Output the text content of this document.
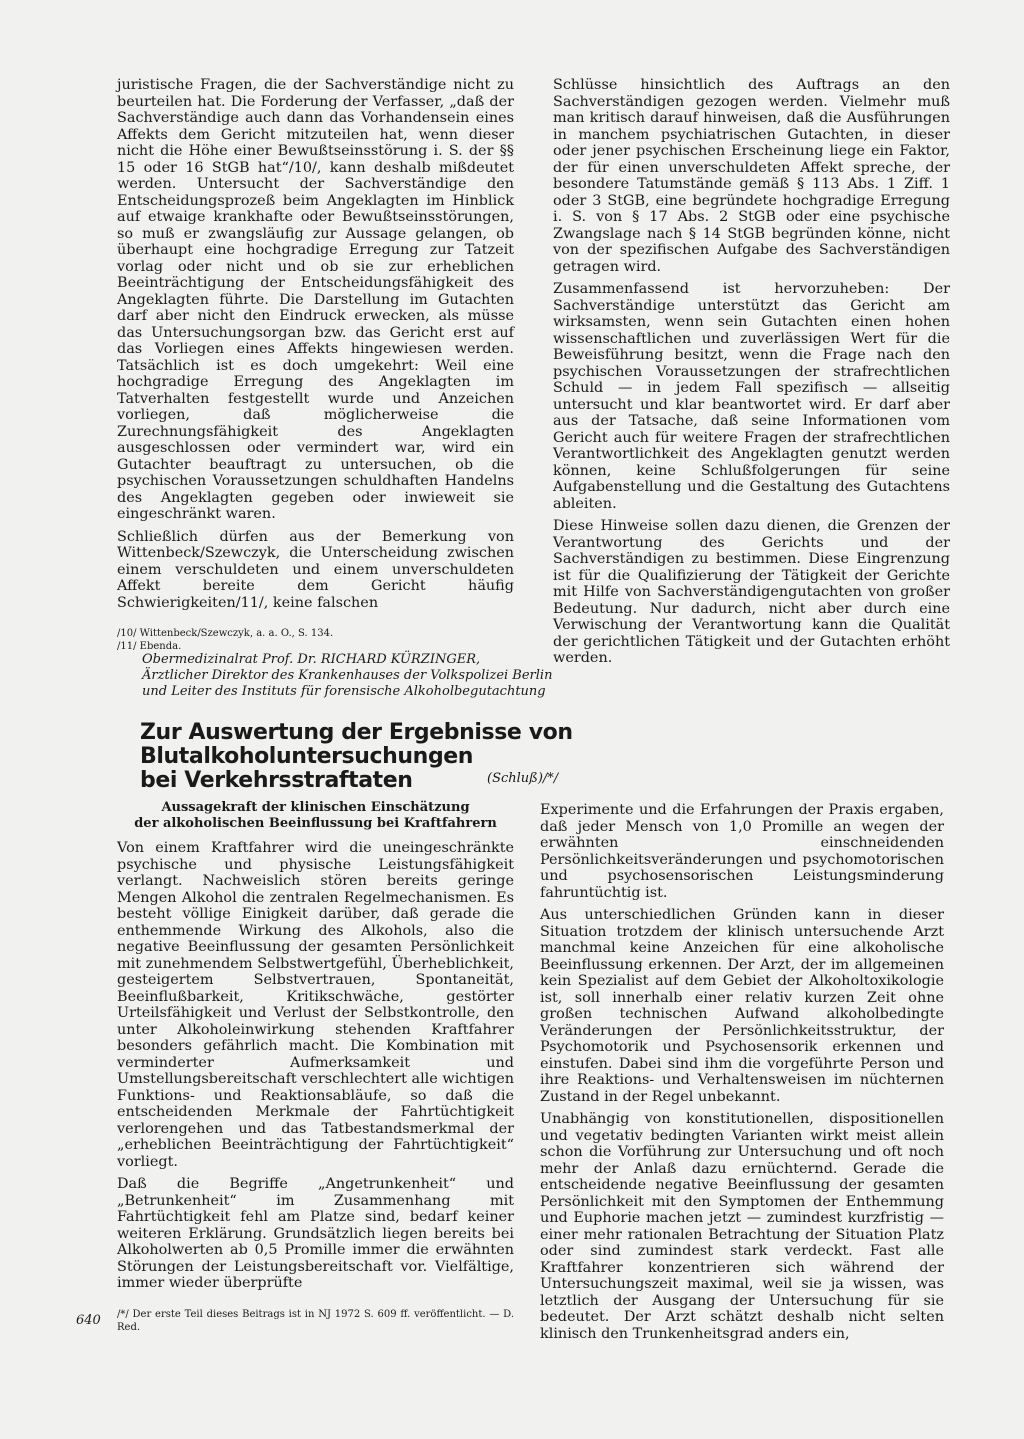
juristische Fragen, die der Sachverständige nicht zu beurteilen hat. Die Forderung der Verfasser, „daß der Sachverständige auch dann das Vorhandensein eines Affekts dem Gericht mitzuteilen hat, wenn dieser nicht die Höhe einer Bewußtseinsstörung i. S. der §§ 15 oder 16 StGB hat“/10/, kann deshalb mißdeutet werden. Untersucht der Sachverständige den Entscheidungsprozeß beim Angeklagten im Hinblick auf etwaige krankhafte oder Bewußtseinsstörungen, so muß er zwangsläufig zur Aussage gelangen, ob überhaupt eine hochgradige Erregung zur Tatzeit vorlag oder nicht und ob sie zur erheblichen Beeinträchtigung der Entscheidungsfähigkeit des Angeklagten führte. Die Darstellung im Gutachten darf aber nicht den Eindruck erwecken, als müsse das Untersuchungsorgan bzw. das Gericht erst auf das Vorliegen eines Affekts hingewiesen werden. Tatsächlich ist es doch umgekehrt: Weil eine hochgradige Erregung des Angeklagten im Tatverhalten festgestellt wurde und Anzeichen vorliegen, daß möglicherweise die Zurechnungsfähigkeit des Angeklagten ausgeschlossen oder vermindert war, wird ein Gutachter beauftragt zu untersuchen, ob die psychischen Voraussetzungen schuldhaften Handelns des Angeklagten gegeben oder inwieweit sie eingeschränkt waren.

Schließlich dürfen aus der Bemerkung von Wittenbeck/Szewczyk, die Unterscheidung zwischen einem verschuldeten und einem unverschuldeten Affekt bereite dem Gericht häufig Schwierigkeiten/11/, keine falschen

/10/ Wittenbeck/Szewczyk, a. a. O., S. 134.
/11/ Ebenda.

Schlüsse hinsichtlich des Auftrags an den Sachverständigen gezogen werden. Vielmehr muß man kritisch darauf hinweisen, daß die Ausführungen in manchem psychiatrischen Gutachten, in dieser oder jener psychischen Erscheinung liege ein Faktor, der für einen unverschuldeten Affekt spreche, der besondere Tatumstände gemäß § 113 Abs. 1 Ziff. 1 oder 3 StGB, eine begründete hochgradige Erregung i. S. von § 17 Abs. 2 StGB oder eine psychische Zwangslage nach § 14 StGB begründen könne, nicht von der spezifischen Aufgabe des Sachverständigen getragen wird.

Zusammenfassend ist hervorzuheben: Der Sachverständige unterstützt das Gericht am wirksamsten, wenn sein Gutachten einen hohen wissenschaftlichen und zuverlässigen Wert für die Beweisführung besitzt, wenn die Frage nach den psychischen Voraussetzungen der strafrechtlichen Schuld — in jedem Fall spezifisch — allseitig untersucht und klar beantwortet wird. Er darf aber aus der Tatsache, daß seine Informationen vom Gericht auch für weitere Fragen der strafrechtlichen Verantwortlichkeit des Angeklagten genutzt werden können, keine Schlußfolgerungen für seine Aufgabenstellung und die Gestaltung des Gutachtens ableiten.

Diese Hinweise sollen dazu dienen, die Grenzen der Verantwortung des Gerichts und der Sachverständigen zu bestimmen. Diese Eingrenzung ist für die Qualifizierung der Tätigkeit der Gerichte mit Hilfe von Sachverständigengutachten von großer Bedeutung. Nur dadurch, nicht aber durch eine Verwischung der Verantwortung kann die Qualität der gerichtlichen Tätigkeit und der Gutachten erhöht werden.

Obermedizinalrat Prof. Dr. RICHARD KÜRZINGER,
Ärztlicher Direktor des Krankenhauses der Volkspolizei Berlin
und Leiter des Instituts für forensische Alkoholbegutachtung
Zur Auswertung der Ergebnisse von Blutalkoholuntersuchungen
bei Verkehrsstraftaten	(Schluß)/*/
Aussagekraft der klinischen Einschätzung
der alkoholischen Beeinflussung bei Kraftfahrern

Von einem Kraftfahrer wird die uneingeschränkte psychische und physische Leistungsfähigkeit verlangt. Nachweislich stören bereits geringe Mengen Alkohol die zentralen Regelmechanismen. Es besteht völlige Einigkeit darüber, daß gerade die enthemmende Wirkung des Alkohols, also die negative Beeinflussung der gesamten Persönlichkeit mit zunehmendem Selbstwertgefühl, Überheblichkeit, gesteigertem Selbstvertrauen, Spontaneität, Beeinflußbarkeit, Kritikschwäche, gestörter Urteilsfähigkeit und Verlust der Selbstkontrolle, den unter Alkoholeinwirkung stehenden Kraftfahrer besonders gefährlich macht. Die Kombination mit verminderter Aufmerksamkeit und Umstellungsbereitschaft verschlechtert alle wichtigen Funktions- und Reaktionsabläufe, so daß die entscheidenden Merkmale der Fahrtüchtigkeit verlorengehen und das Tatbestandsmerkmal der „erheblichen Beeinträchtigung der Fahrtüchtigkeit“ vorliegt.

Daß die Begriffe „Angetrunkenheit“ und „Betrunkenheit“ im Zusammenhang mit Fahrtüchtigkeit fehl am Platze sind, bedarf keiner weiteren Erklärung. Grundsätzlich liegen bereits bei Alkoholwerten ab 0,5 Promille immer die erwähnten Störungen der Leistungsbereitschaft vor. Vielfältige, immer wieder überprüfte

/*/ Der erste Teil dieses Beitrags ist in NJ 1972 S. 609 ff. veröffentlicht. — D. Red.

Experimente und die Erfahrungen der Praxis ergaben, daß jeder Mensch von 1,0 Promille an wegen der erwähnten einschneidenden Persönlichkeitsveränderungen und psychomotorischen und psychosensorischen Leistungsminderung fahruntüchtig ist.

Aus unterschiedlichen Gründen kann in dieser Situation trotzdem der klinisch untersuchende Arzt manchmal keine Anzeichen für eine alkoholische Beeinflussung erkennen. Der Arzt, der im allgemeinen kein Spezialist auf dem Gebiet der Alkoholtoxikologie ist, soll innerhalb einer relativ kurzen Zeit ohne großen technischen Aufwand alkoholbedingte Veränderungen der Persönlichkeitsstruktur, der Psychomotorik und Psychosensorik erkennen und einstufen. Dabei sind ihm die vorgeführte Person und ihre Reaktions- und Verhaltensweisen im nüchternen Zustand in der Regel unbekannt.

Unabhängig von konstitutionellen, dispositionellen und vegetativ bedingten Varianten wirkt meist allein schon die Vorführung zur Untersuchung und oft noch mehr der Anlaß dazu ernüchternd. Gerade die entscheidende negative Beeinflussung der gesamten Persönlichkeit mit den Symptomen der Enthemmung und Euphorie machen jetzt — zumindest kurzfristig — einer mehr rationalen Betrachtung der Situation Platz oder sind zumindest stark verdeckt. Fast alle Kraftfahrer konzentrieren sich während der Untersuchungszeit maximal, weil sie ja wissen, was letztlich der Ausgang der Untersuchung für sie bedeutet. Der Arzt schätzt deshalb nicht selten klinisch den Trunkenheitsgrad anders ein,

640
